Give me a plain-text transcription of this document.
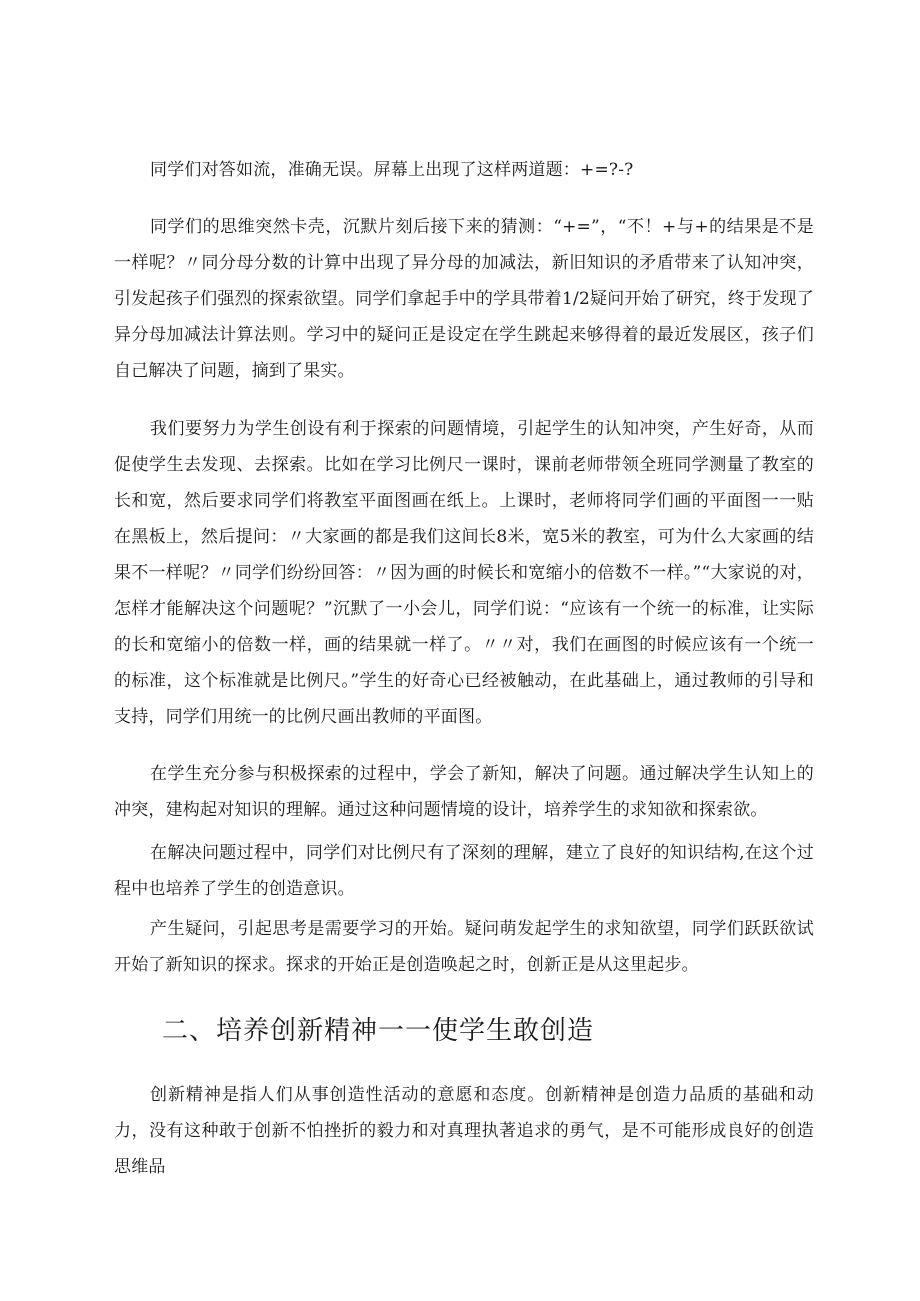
同学们对答如流，准确无误。屏幕上出现了这样两道题：+=?-?

同学们的思维突然卡壳，沉默片刻后接下来的猜测：“+=”，“不！+与+的结果是不是一样呢？〃同分母分数的计算中出现了异分母的加减法，新旧知识的矛盾带来了认知冲突，引发起孩子们强烈的探索欲望。同学们拿起手中的学具带着1/2疑问开始了研究，终于发现了异分母加减法计算法则。学习中的疑问正是设定在学生跳起来够得着的最近发展区，孩子们自己解决了问题，摘到了果实。

我们要努力为学生创设有利于探索的问题情境，引起学生的认知冲突，产生好奇，从而促使学生去发现、去探索。比如在学习比例尺一课时，课前老师带领全班同学测量了教室的长和宽，然后要求同学们将教室平面图画在纸上。上课时，老师将同学们画的平面图一一贴在黑板上，然后提问：〃大家画的都是我们这间长8米，宽5米的教室，可为什么大家画的结果不一样呢？〃同学们纷纷回答：〃因为画的时候长和宽缩小的倍数不一样。”“大家说的对，怎样才能解决这个问题呢？”沉默了一小会儿，同学们说：“应该有一个统一的标准，让实际的长和宽缩小的倍数一样，画的结果就一样了。〃〃对，我们在画图的时候应该有一个统一的标准，这个标准就是比例尺。”学生的好奇心已经被触动，在此基础上，通过教师的引导和支持，同学们用统一的比例尺画出教师的平面图。

在学生充分参与积极探索的过程中，学会了新知，解决了问题。通过解决学生认知上的冲突，建构起对知识的理解。通过这种问题情境的设计，培养学生的求知欲和探索欲。

在解决问题过程中，同学们对比例尺有了深刻的理解，建立了良好的知识结构,在这个过程中也培养了学生的创造意识。

产生疑问，引起思考是需要学习的开始。疑问萌发起学生的求知欲望，同学们跃跃欲试开始了新知识的探求。探求的开始正是创造唤起之时，创新正是从这里起步。

二、培养创新精神一一使学生敢创造

创新精神是指人们从事创造性活动的意愿和态度。创新精神是创造力品质的基础和动力，没有这种敢于创新不怕挫折的毅力和对真理执著追求的勇气，是不可能形成良好的创造思维品
